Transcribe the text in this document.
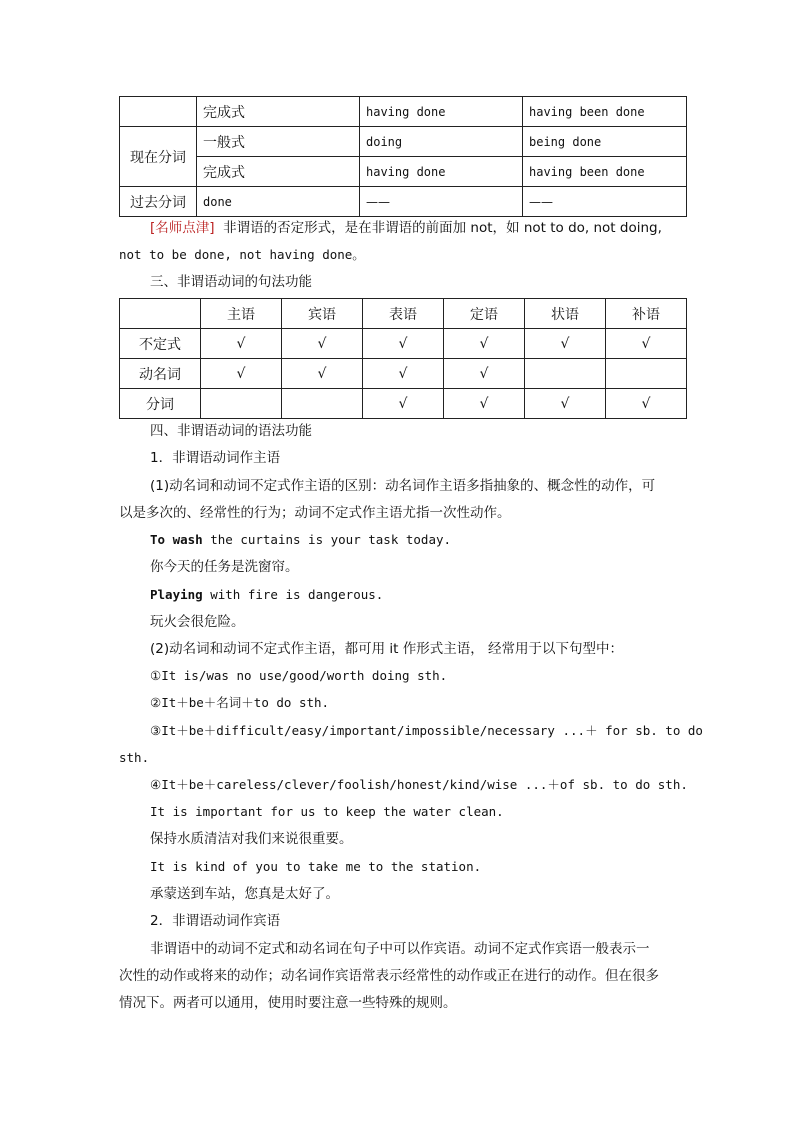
	完成式	having done	having been done
现在分词	一般式	doing	being done
	完成式	having done	having been done
过去分词	done	——	——
[名师点津] 非谓语的否定形式，是在非谓语的前面加 not，如 not to do, not doing,
not to be done, not having done。
三、非谓语动词的句法功能
	主语	宾语	表语	定语	状语	补语
不定式	√	√	√	√	√	√
动名词	√	√	√	√		
分词			√	√	√	√
四、非谓语动词的语法功能
1．非谓语动词作主语
(1)动名词和动词不定式作主语的区别：动名词作主语多指抽象的、概念性的动作，可
以是多次的、经常性的行为；动词不定式作主语尤指一次性动作。
To wash the curtains is your task today.
你今天的任务是洗窗帘。
Playing with fire is dangerous.
玩火会很危险。
(2)动名词和动词不定式作主语，都可用 it 作形式主语， 经常用于以下句型中：
①It is/was no use/good/worth doing sth.
②It＋be＋名词＋to do sth.
③It＋be＋difficult/easy/important/impossible/necessary ...＋ for sb. to do
sth.
④It＋be＋careless/clever/foolish/honest/kind/wise ...＋of sb. to do sth.
It is important for us to keep the water clean.
保持水质清洁对我们来说很重要。
It is kind of you to take me to the station.
承蒙送到车站，您真是太好了。
2．非谓语动词作宾语
非谓语中的动词不定式和动名词在句子中可以作宾语。动词不定式作宾语一般表示一
次性的动作或将来的动作；动名词作宾语常表示经常性的动作或正在进行的动作。但在很多
情况下。两者可以通用，使用时要注意一些特殊的规则。
